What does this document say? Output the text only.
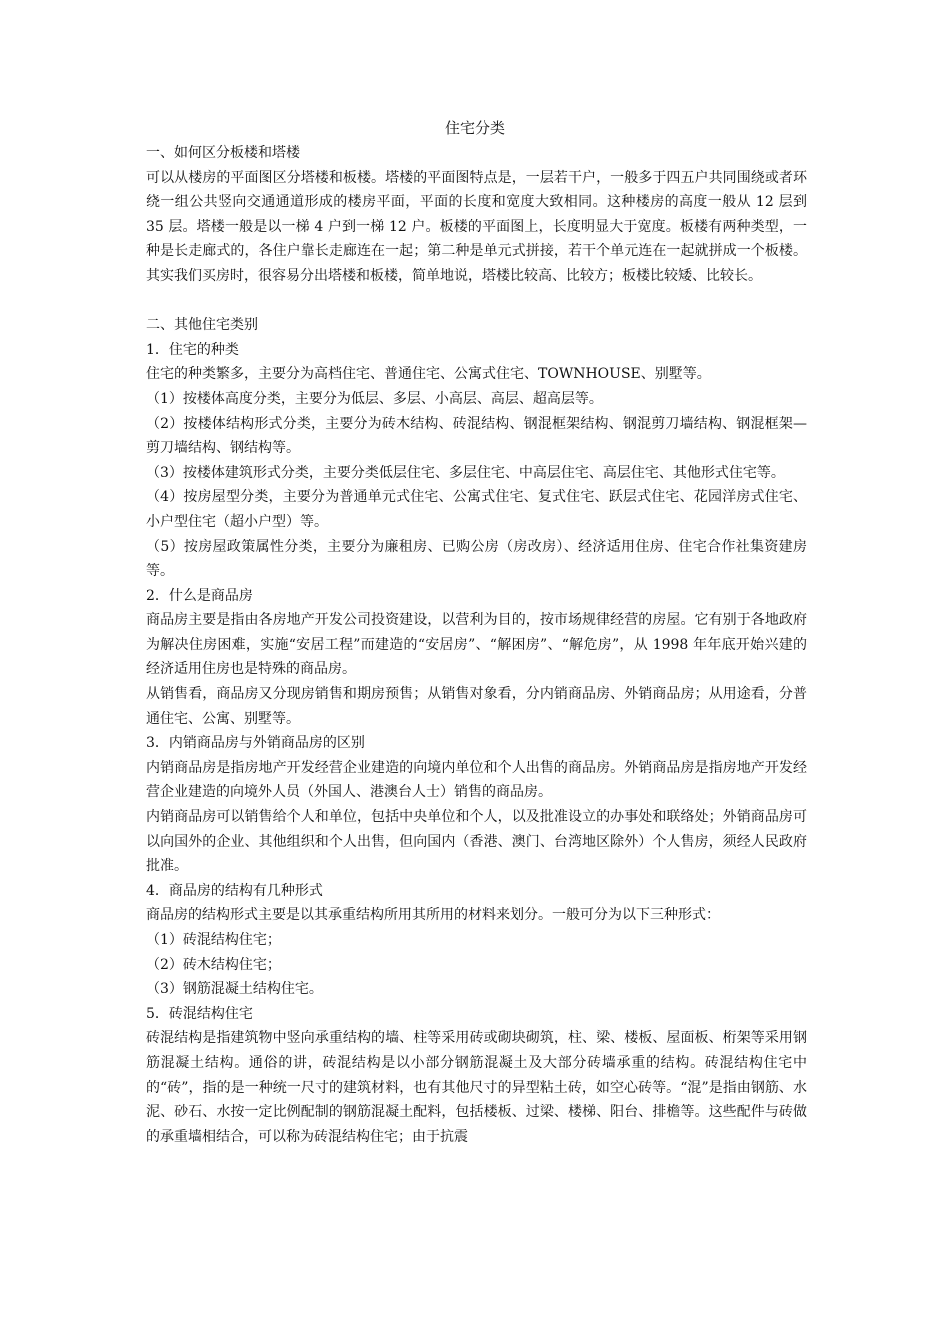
住宅分类

一、如何区分板楼和塔楼

可以从楼房的平面图区分塔楼和板楼。塔楼的平面图特点是，一层若干户，一般多于四五户共同围绕或者环绕一组公共竖向交通通道形成的楼房平面，平面的长度和宽度大致相同。这种楼房的高度一般从 12 层到 35 层。塔楼一般是以一梯 4 户到一梯 12 户。板楼的平面图上，长度明显大于宽度。板楼有两种类型，一种是长走廊式的，各住户靠长走廊连在一起；第二种是单元式拼接，若干个单元连在一起就拼成一个板楼。其实我们买房时，很容易分出塔楼和板楼，简单地说，塔楼比较高、比较方；板楼比较矮、比较长。

二、其他住宅类别

1．住宅的种类

住宅的种类繁多，主要分为高档住宅、普通住宅、公寓式住宅、TOWNHOUSE、别墅等。

（1）按楼体高度分类，主要分为低层、多层、小高层、高层、超高层等。

（2）按楼体结构形式分类，主要分为砖木结构、砖混结构、钢混框架结构、钢混剪刀墙结构、钢混框架—剪刀墙结构、钢结构等。

（3）按楼体建筑形式分类，主要分类低层住宅、多层住宅、中高层住宅、高层住宅、其他形式住宅等。

（4）按房屋型分类，主要分为普通单元式住宅、公寓式住宅、复式住宅、跃层式住宅、花园洋房式住宅、小户型住宅（超小户型）等。

（5）按房屋政策属性分类，主要分为廉租房、已购公房（房改房）、经济适用住房、住宅合作社集资建房等。

2．什么是商品房

商品房主要是指由各房地产开发公司投资建设，以营利为目的，按市场规律经营的房屋。它有别于各地政府为解决住房困难，实施“安居工程”而建造的“安居房”、“解困房”、“解危房”，从 1998 年年底开始兴建的经济适用住房也是特殊的商品房。

从销售看，商品房又分现房销售和期房预售；从销售对象看，分内销商品房、外销商品房；从用途看，分普通住宅、公寓、别墅等。

3．内销商品房与外销商品房的区别

内销商品房是指房地产开发经营企业建造的向境内单位和个人出售的商品房。外销商品房是指房地产开发经营企业建造的向境外人员（外国人、港澳台人士）销售的商品房。

内销商品房可以销售给个人和单位，包括中央单位和个人，以及批准设立的办事处和联络处；外销商品房可以向国外的企业、其他组织和个人出售，但向国内（香港、澳门、台湾地区除外）个人售房，须经人民政府批准。

4．商品房的结构有几种形式

商品房的结构形式主要是以其承重结构所用其所用的材料来划分。一般可分为以下三种形式：

（1）砖混结构住宅；

（2）砖木结构住宅；

（3）钢筋混凝土结构住宅。

5．砖混结构住宅

砖混结构是指建筑物中竖向承重结构的墙、柱等采用砖或砌块砌筑，柱、梁、楼板、屋面板、桁架等采用钢筋混凝土结构。通俗的讲，砖混结构是以小部分钢筋混凝土及大部分砖墙承重的结构。砖混结构住宅中的“砖”，指的是一种统一尺寸的建筑材料，也有其他尺寸的异型粘土砖，如空心砖等。“混”是指由钢筋、水泥、砂石、水按一定比例配制的钢筋混凝土配料，包括楼板、过梁、楼梯、阳台、排檐等。这些配件与砖做的承重墙相结合，可以称为砖混结构住宅；由于抗震
